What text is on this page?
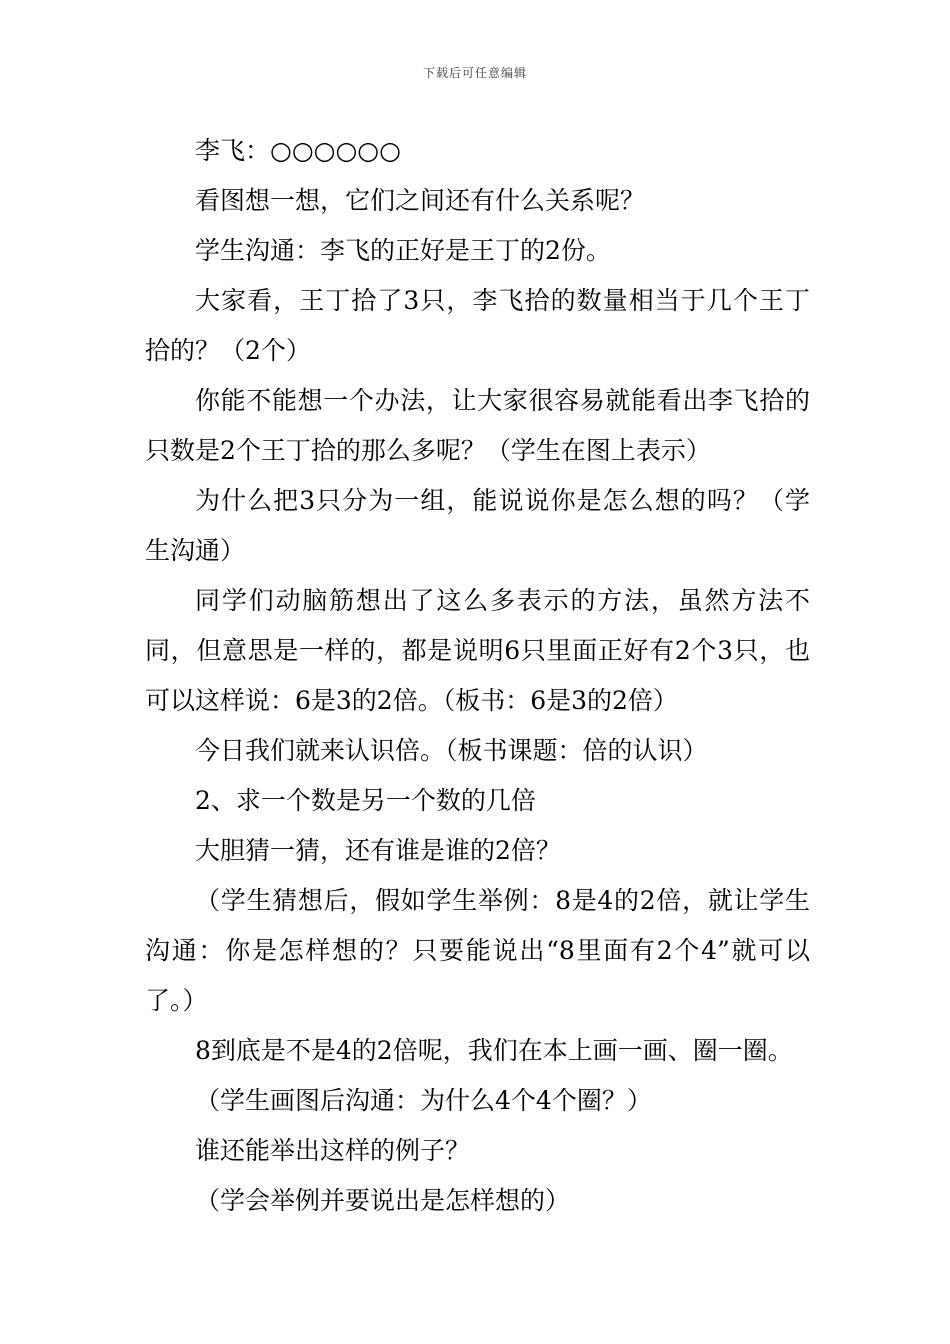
下载后可任意编辑

李飞：○○○○○○

看图想一想，它们之间还有什么关系呢？

学生沟通：李飞的正好是王丁的2份。

大家看，王丁拾了3只，李飞拾的数量相当于几个王丁拾的？（2个）

你能不能想一个办法，让大家很容易就能看出李飞拾的只数是2个王丁拾的那么多呢？（学生在图上表示）

为什么把3只分为一组，能说说你是怎么想的吗？（学生沟通）

同学们动脑筋想出了这么多表示的方法，虽然方法不同，但意思是一样的，都是说明6只里面正好有2个3只，也可以这样说：6是3的2倍。（板书：6是3的2倍）

今日我们就来认识倍。（板书课题：倍的认识）

2、求一个数是另一个数的几倍

大胆猜一猜，还有谁是谁的2倍？

（学生猜想后，假如学生举例：8是4的2倍，就让学生沟通：你是怎样想的？只要能说出“8里面有2个4”就可以了。）

8到底是不是4的2倍呢，我们在本上画一画、圈一圈。

（学生画图后沟通：为什么4个4个圈？）

谁还能举出这样的例子？

（学会举例并要说出是怎样想的）
